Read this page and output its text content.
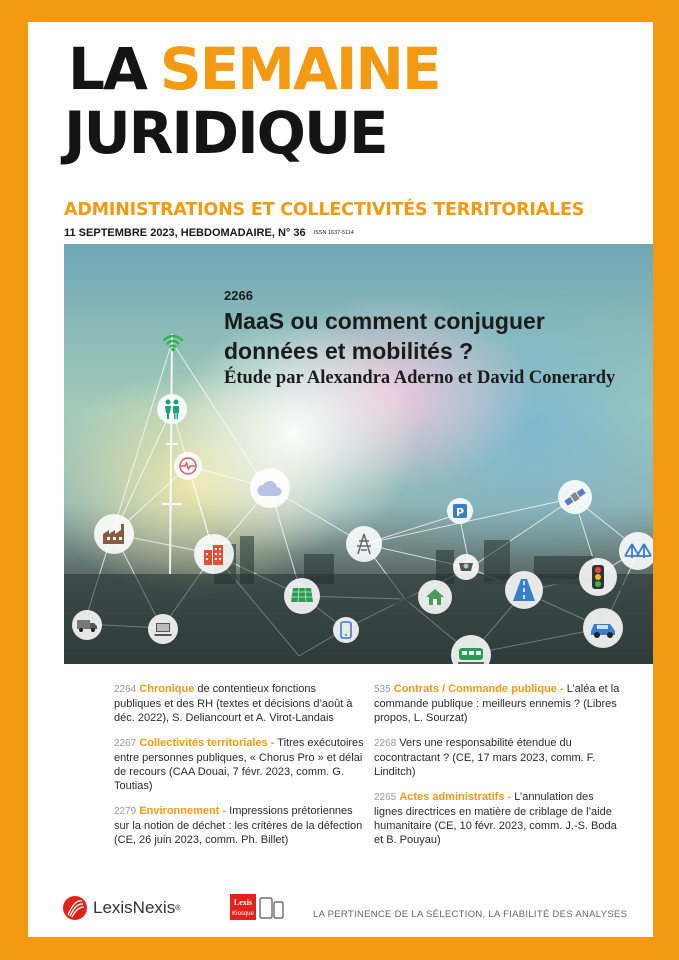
LA SEMAINE
JURIDIQUE
ADMINISTRATIONS ET COLLECTIVITÉS TERRITORIALES
11 SEPTEMBRE 2023, HEBDOMADAIRE, N° 36 ISSN 1637-5114
2266
MaaS ou comment conjuguer données et mobilités ?
Étude par Alexandra Aderno et David Conerardy
P
2264 Chronique de contentieux fonctions publiques et des RH (textes et décisions d’août à déc. 2022), S. Deliancourt et A. Virot-Landais
2267 Collectivités territoriales - Titres exécutoires entre personnes publiques, « Chorus Pro » et délai de recours (CAA Douai, 7 févr. 2023, comm. G. Toutias)
2279 Environnement - Impressions prétoriennes sur la notion de déchet : les critères de la défection (CE, 26 juin 2023, comm. Ph. Billet)
535 Contrats / Commande publique - L’aléa et la commande publique : meilleurs ennemis ? (Libres propos, L. Sourzat)
2268 Vers une responsabilité étendue du cocontractant ? (CE, 17 mars 2023, comm. F. Linditch)
2265 Actes administratifs - L’annulation des lignes directrices en matière de criblage de l’aide humanitaire (CE, 10 févr. 2023, comm. J.-S. Boda et B. Pouyau)
LexisNexis ®
Lexis
Kiosque	LA PERTINENCE DE LA SÉLECTION, LA FIABILITÉ DES ANALYSES
